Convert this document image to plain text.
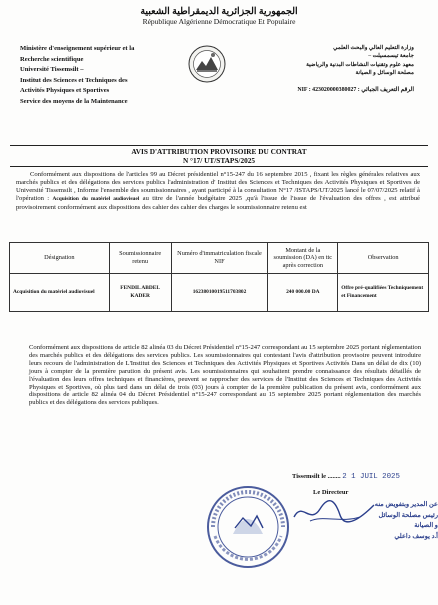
الجمهورية الجزائرية الديمقراطية الشعبية
République Algérienne Démocratique Et Populaire
Ministère d'enseignement supérieur et la
Recherche scientifique
Université Tissemsilt –
Institut des Sciences et Techniques des
Activités Physiques et Sportives
Service des moyens de la Maintenance
وزارة التعليم العالي والبحث العلمي
جامعة تيسمسيلت –
معهد علوم وتقنيات النشاطات البدنية والرياضية
مصلحة الوسائل و الصيانة
NIF : 423020000380027 : الرقم التعريف الجبائي
AVIS D'ATTRIBUTION PROVISOIRE DU CONTRAT
N °17/ UT/STAPS/2025
Conformément aux dispositions de l'articles 99 au Décret présidentiel n°15-247 du 16 septembre 2015 , fixant les règles générales relatives aux marchés publics et des délégations des services publics l'administration d' Institut des Sciences et Techniques des Activités Physiques et Sportives de Université Tissemsilt , Informe l'ensemble des soumissionnaires , ayant participé à la consultation N°17 /ISTAPS/UT/2025 lancé le 07/07/2025 relatif à l'opération : Acquisition du matériel audiovisuel au titre de l'année budgétaire 2025 ,qu'à l'issue de l'issue de l'évaluation des offres , est attribué provisoirement conformément aux dispositions des cahier des cahier des charges le soumissionnaire retenu est
Désignation	Soumissionnaire retenu	Numéro d'immatriculation fiscale NIF	Montant de la soumission (DA) en ttc après correction	Observation
Acquisition du matériel audiovisuel	FENDIL ABDEL KADER	16238010019511703802	240 000.00 DA	Offre pré-qualifiées Techniquement et Financement
Conformément aux dispositions de article 82 alinéa 03 du Décret Présidentiel n°15-247 correspondant au 15 septembre 2025 portant réglementation des marchés publics et des délégations des services publics. Les soumissionnaires qui contestant l'avis d'attribution provisoire peuvent introduire leurs recours de l'administration de L'Institut des Sciences et Techniques des Activités Physiques et Sportives Activités Dans un délai de dix (10) jours à compter de la première parution du présent avis. Les soumissionnaires qui souhaitent prendre connaissance des résultats détaillés de l'évaluation des leurs offres techniques et financières, peuvent se rapprocher des services de l'Institut des Sciences et Techniques des Activités Physiques et Sportives, où plus tard dans un délai de trois (03) jours à compter de la première publication du présent avis, conformément aux dispositions de article 82 alinéa 04 du Décret Présidentiel n°15-247 correspondant au 15 septembre 2025 portant réglementation des marchés publics et des délégations des services publiques.
Tissemsilt le ........ 2 1 JUIL 2025
Le Directeur
عن المدير وبتفويض منه
رئيس مصلحة الوسائل
و الصيانة
أ.د يوسف داعلي
